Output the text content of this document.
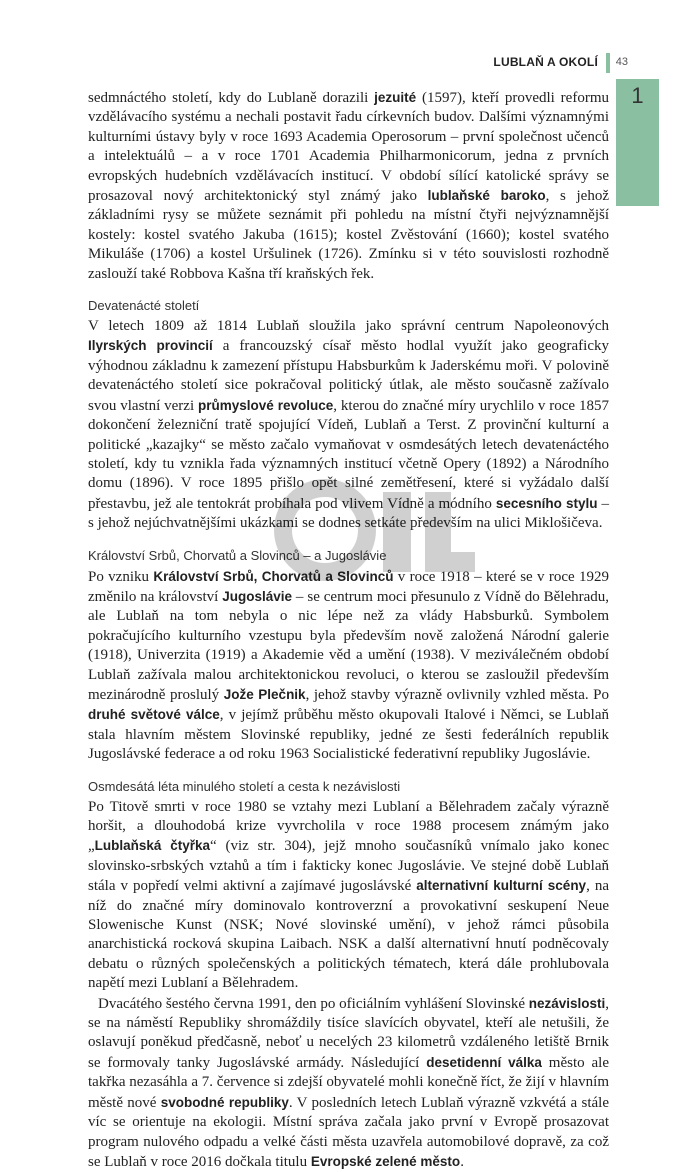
LUBLAŇ A OKOLÍ 43
1

sedmnáctého století, kdy do Lublaně dorazili jezuité (1597), kteří provedli reformu vzdělávacího systému a nechali postavit řadu církevních budov. Dalšími významnými kulturními ústavy byly v roce 1693 Academia Operosorum – první společnost učenců a intelektuálů – a v roce 1701 Academia Philharmonicorum, jedna z prvních evropských hudebních vzdělávacích institucí. V období sílící katolické správy se prosazoval nový architektonický styl známý jako lublaňské baroko, s jehož základními rysy se můžete seznámit při pohledu na místní čtyři nejvýznamnější kostely: kostel svatého Jakuba (1615); kostel Zvěstování (1660); kostel svatého Mikuláše (1706) a kostel Uršulinek (1726). Zmínku si v této souvislosti rozhodně zaslouží také Robbova Kašna tří kraňských řek.

Devatenácté století

V letech 1809 až 1814 Lublaň sloužila jako správní centrum Napoleonových Ilyrských provincií a francouzský císař město hodlal využít jako geograficky výhodnou základnu k zamezení přístupu Habsburkům k Jaderskému moři. V polovině devatenáctého století sice pokračoval politický útlak, ale město současně zažívalo svou vlastní verzi průmyslové revoluce, kterou do značné míry urychlilo v roce 1857 dokončení železniční tratě spojující Vídeň, Lublaň a Terst. Z provinční kulturní a politické „kazajky“ se město začalo vymaňovat v osmdesátých letech devatenáctého století, kdy tu vznikla řada významných institucí včetně Opery (1892) a Národního domu (1896). V roce 1895 přišlo opět silné zemětřesení, které si vyžádalo další přestavbu, jež ale tentokrát probíhala pod vlivem Vídně a módního secesního stylu – s jehož nejúchvatnějšími ukázkami se dodnes setkáte především na ulici Miklošičeva.

Království Srbů, Chorvatů a Slovinců – a Jugoslávie

Po vzniku Království Srbů, Chorvatů a Slovinců v roce 1918 – které se v roce 1929 změnilo na království Jugoslávie – se centrum moci přesunulo z Vídně do Bělehradu, ale Lublaň na tom nebyla o nic lépe než za vlády Habsburků. Symbolem pokračujícího kulturního vzestupu byla především nově založená Národní galerie (1918), Univerzita (1919) a Akademie věd a umění (1938). V meziválečném období Lublaň zažívala malou architektonickou revoluci, o kterou se zasloužil především mezinárodně proslulý Jože Plečnik, jehož stavby výrazně ovlivnily vzhled města. Po druhé světové válce, v jejímž průběhu město okupovali Italové i Němci, se Lublaň stala hlavním městem Slovinské republiky, jedné ze šesti federálních republik Jugoslávské federace a od roku 1963 Socialistické federativní republiky Jugoslávie.

Osmdesátá léta minulého století a cesta k nezávislosti

Po Titově smrti v roce 1980 se vztahy mezi Lublaní a Bělehradem začaly výrazně horšit, a dlouhodobá krize vyvrcholila v roce 1988 procesem známým jako „Lublaňská čtyřka“ (viz str. 304), jejž mnoho současníků vnímalo jako konec slovinsko-srbských vztahů a tím i fakticky konec Jugoslávie. Ve stejné době Lublaň stála v popředí velmi aktivní a zajímavé jugoslávské alternativní kulturní scény, na níž do značné míry dominovalo kontroverzní a provokativní seskupení Neue Slowenische Kunst (NSK; Nové slovinské umění), v jehož rámci působila anarchistická rocková skupina Laibach. NSK a další alternativní hnutí podněcovaly debatu o různých společenských a politických tématech, která dále prohlubovala napětí mezi Lublaní a Bělehradem.

Dvacátého šestého června 1991, den po oficiálním vyhlášení Slovinské nezávislosti, se na náměstí Republiky shromáždily tisíce slavících obyvatel, kteří ale netušili, že oslavují poněkud předčasně, neboť u necelých 23 kilometrů vzdáleného letiště Brnik se formovaly tanky Jugoslávské armády. Následující desetidenní válka město ale takřka nezasáhla a 7. července si zdejší obyvatelé mohli konečně říct, že žijí v hlavním městě nové svobodné republiky. V posledních letech Lublaň výrazně vzkvétá a stále víc se orientuje na ekologii. Místní správa začala jako první v Evropě prosazovat program nulového odpadu a velké části města uzavřela automobilové dopravě, za což se Lublaň v roce 2016 dočkala titulu Evropské zelené město.
